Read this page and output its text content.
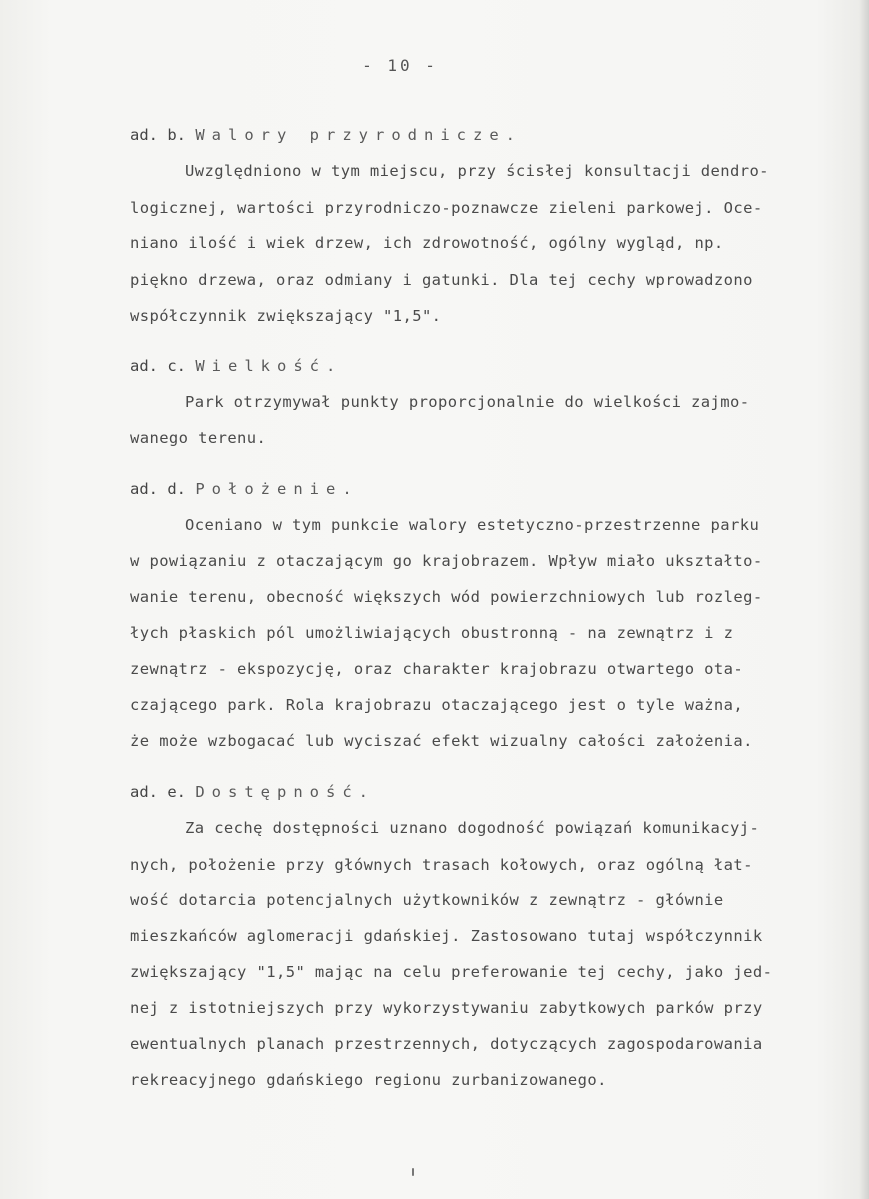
- 10 -
ad. b. Walory przyrodnicze.
Uwzględniono w tym miejscu, przy ścisłej konsultacji dendro-
logicznej, wartości przyrodniczo-poznawcze zieleni parkowej. Oce-
niano ilość i wiek drzew, ich zdrowotność, ogólny wygląd, np.
piękno drzewa, oraz odmiany i gatunki. Dla tej cechy wprowadzono
współczynnik zwiększający "1,5".
ad. c. Wielkość.
Park otrzymywał punkty proporcjonalnie do wielkości zajmo-
wanego terenu.
ad. d. Położenie.
Oceniano w tym punkcie walory estetyczno-przestrzenne parku
w powiązaniu z otaczającym go krajobrazem. Wpływ miało ukształto-
wanie terenu, obecność większych wód powierzchniowych lub rozleg-
łych płaskich pól umożliwiających obustronną - na zewnątrz i z
zewnątrz - ekspozycję, oraz charakter krajobrazu otwartego ota-
czającego park. Rola krajobrazu otaczającego jest o tyle ważna,
że może wzbogacać lub wyciszać efekt wizualny całości założenia.
ad. e. Dostępność.
Za cechę dostępności uznano dogodność powiązań komunikacyj-
nych, położenie przy głównych trasach kołowych, oraz ogólną łat-
wość dotarcia potencjalnych użytkowników z zewnątrz - głównie
mieszkańców aglomeracji gdańskiej. Zastosowano tutaj współczynnik
zwiększający "1,5" mając na celu preferowanie tej cechy, jako jed-
nej z istotniejszych przy wykorzystywaniu zabytkowych parków przy
ewentualnych planach przestrzennych, dotyczących zagospodarowania
rekreacyjnego gdańskiego regionu zurbanizowanego.
